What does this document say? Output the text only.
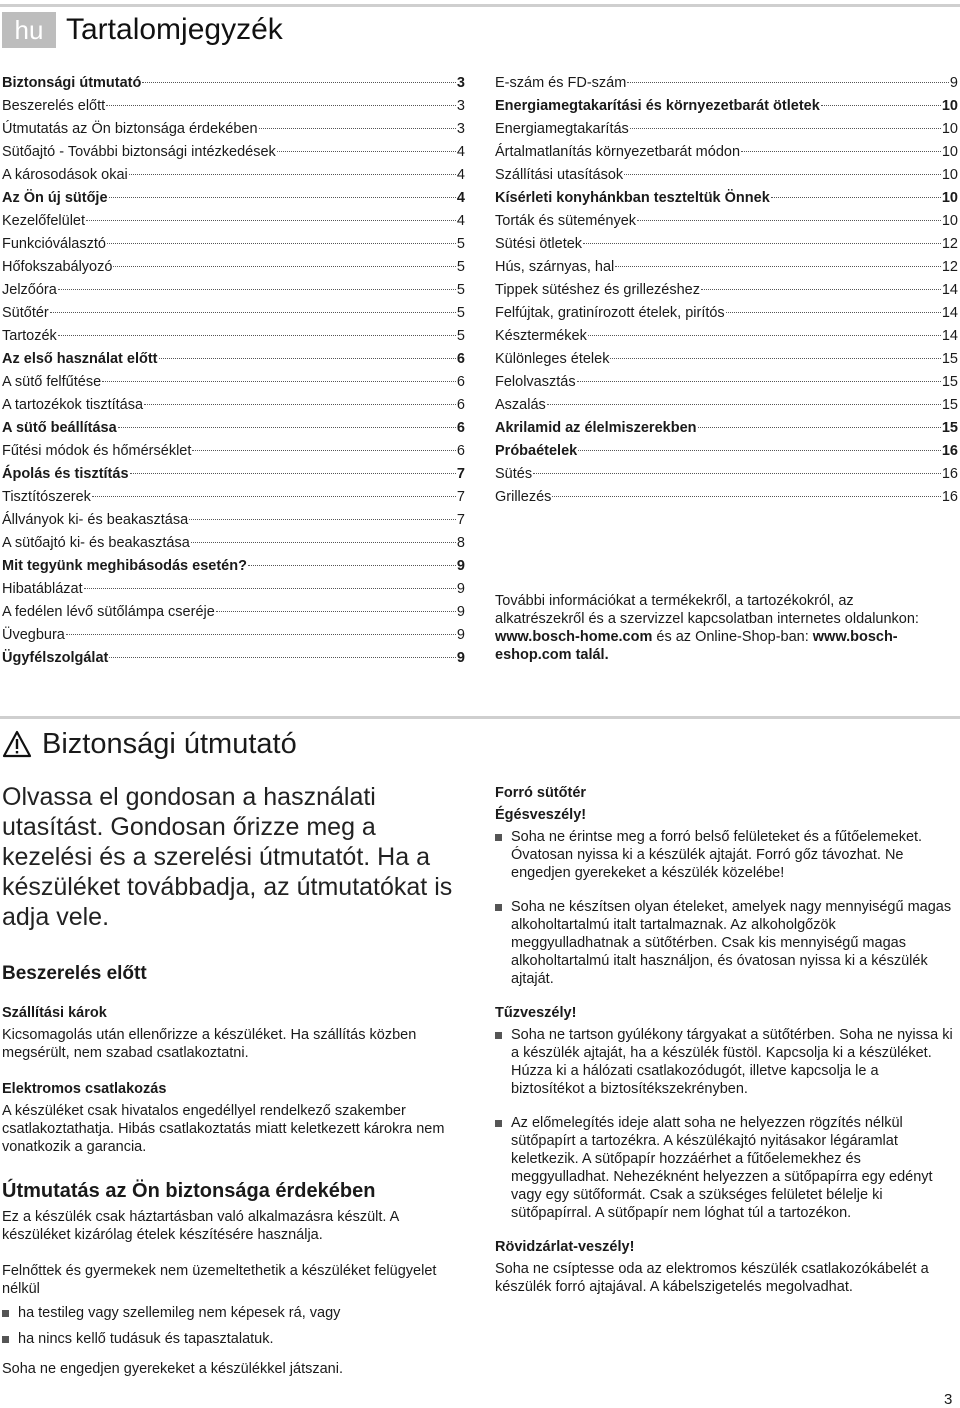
hu Tartalomjegyzék
Biztonsági útmutató	3
Beszerelés előtt	3
Útmutatás az Ön biztonsága érdekében	3
Sütőajtó - További biztonsági intézkedések	4
A károsodások okai	4
Az Ön új sütője	4
Kezelőfelület	4
Funkcióválasztó	5
Hőfokszabályozó	5
Jelzőóra	5
Sütőtér	5
Tartozék	5
Az első használat előtt	6
A sütő felfűtése	6
A tartozékok tisztítása	6
A sütő beállítása	6
Fűtési módok és hőmérséklet	6
Ápolás és tisztítás	7
Tisztítószerek	7
Állványok ki- és beakasztása	7
A sütőajtó ki- és beakasztása	8
Mit tegyünk meghibásodás esetén?	9
Hibatáblázat	9
A fedélen lévő sütőlámpa cseréje	9
Üvegbura	9
Ügyfélszolgálat	9
E-szám és FD-szám	9
Energiamegtakarítási és környezetbarát ötletek	10
Energiamegtakarítás	10
Ártalmatlanítás környezetbarát módon	10
Szállítási utasítások	10
Kísérleti konyhánkban teszteltük Önnek	10
Torták és sütemények	10
Sütési ötletek	12
Hús, szárnyas, hal	12
Tippek sütéshez és grillezéshez	14
Felfújtak, gratinírozott ételek, pirítós	14
Késztermékek	14
Különleges ételek	15
Felolvasztás	15
Aszalás	15
Akrilamid az élelmiszerekben	15
Próbaételek	16
Sütés	16
Grillezés	16
További információkat a termékekről, a tartozékokról, az alkatrészekről és a szervizzel kapcsolatban internetes oldalunkon: www.bosch-home.com és az Online-Shop-ban: www.bosch-eshop.com talál.
Biztonsági útmutató

Olvassa el gondosan a használati utasítást. Gondosan őrizze meg a kezelési és a szerelési útmutatót. Ha a készüléket továbbadja, az útmutatókat is adja vele.

Beszerelés előtt
Szállítási károk

Kicsomagolás után ellenőrizze a készüléket. Ha szállítás közben megsérült, nem szabad csatlakoztatni.

Elektromos csatlakozás

A készüléket csak hivatalos engedéllyel rendelkező szakember csatlakoztathatja. Hibás csatlakoztatás miatt keletkezett károkra nem vonatkozik a garancia.

Útmutatás az Ön biztonsága érdekében

Ez a készülék csak háztartásban való alkalmazásra készült. A készüléket kizárólag ételek készítésére használja.

Felnőttek és gyermekek nem üzemeltethetik a készüléket felügyelet nélkül

ha testileg vagy szellemileg nem képesek rá, vagy
ha nincs kellő tudásuk és tapasztalatuk.

Soha ne engedjen gyerekeket a készülékkel játszani.

Forró sütőtér
Égésveszély!
Soha ne érintse meg a forró belső felületeket és a fűtőelemeket. Óvatosan nyissa ki a készülék ajtaját. Forró gőz távozhat. Ne engedjen gyerekeket a készülék közelébe!
Soha ne készítsen olyan ételeket, amelyek nagy mennyiségű magas alkoholtartalmú italt tartalmaznak. Az alkoholgőzök meggyulladhatnak a sütőtérben. Csak kis mennyiségű magas alkoholtartalmú italt használjon, és óvatosan nyissa ki a készülék ajtaját.
Tűzveszély!
Soha ne tartson gyúlékony tárgyakat a sütőtérben. Soha ne nyissa ki a készülék ajtaját, ha a készülék füstöl. Kapcsolja ki a készüléket. Húzza ki a hálózati csatlakozódugót, illetve kapcsolja le a biztosítékot a biztosítékszekrényben.
Az előmelegítés ideje alatt soha ne helyezzen rögzítés nélkül sütőpapírt a tartozékra. A készülékajtó nyitásakor légáramlat keletkezik. A sütőpapír hozzáérhet a fűtőelemekhez és meggyulladhat. Nehezéknént helyezzen a sütőpapírra egy edényt vagy egy sütőformát. Csak a szükséges felületet bélelje ki sütőpapírral. A sütőpapír nem lóghat túl a tartozékon.
Rövidzárlat-veszély!

Soha ne csíptesse oda az elektromos készülék csatlakozókábelét a készülék forró ajtajával. A kábelszigetelés megolvadhat.

3
